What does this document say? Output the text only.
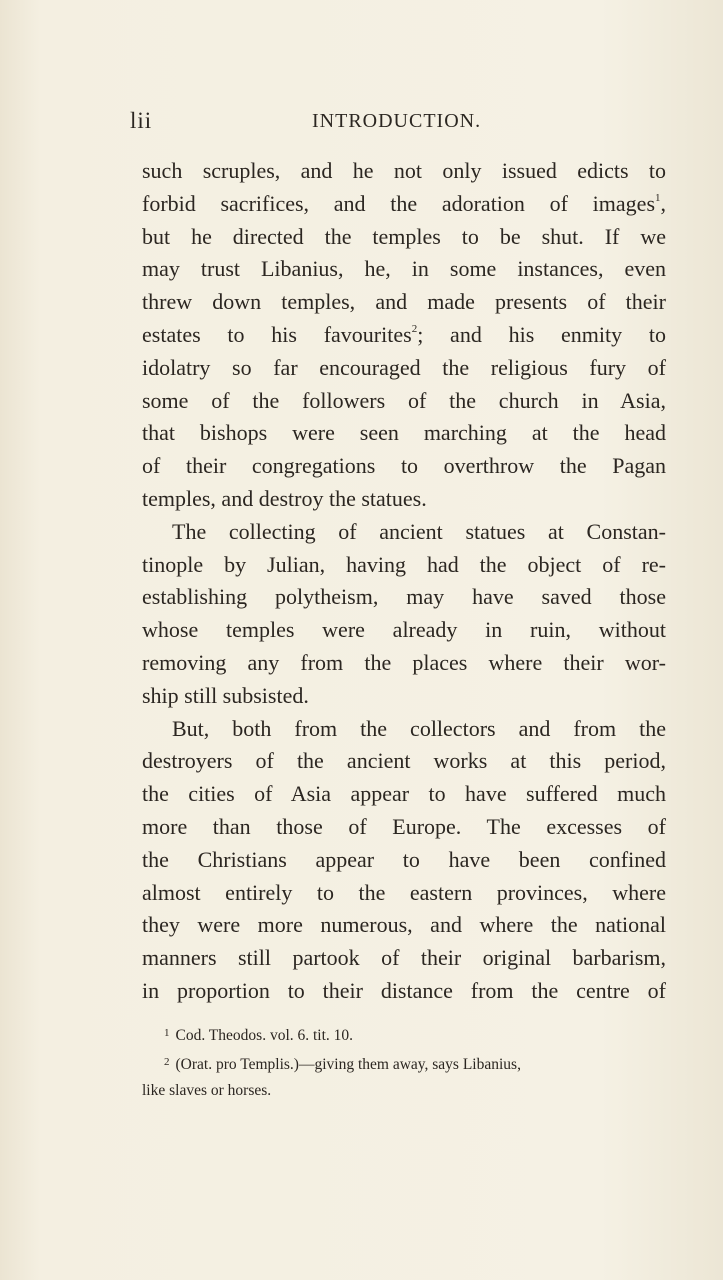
lii	INTRODUCTION.
such scruples, and he not only issued edicts to
forbid sacrifices, and the adoration of images$^1$,
but he directed the temples to be shut. If we
may trust Libanius, he, in some instances, even
threw down temples, and made presents of their
estates to his favourites$^2$; and his enmity to
idolatry so far encouraged the religious fury of
some of the followers of the church in Asia,
that bishops were seen marching at the head
of their congregations to overthrow the Pagan
temples, and destroy the statues.
The collecting of ancient statues at Constan-
tinople by Julian, having had the object of re-
establishing polytheism, may have saved those
whose temples were already in ruin, without
removing any from the places where their wor-
ship still subsisted.
But, both from the collectors and from the
destroyers of the ancient works at this period,
the cities of Asia appear to have suffered much
more than those of Europe. The excesses of
the Christians appear to have been confined
almost entirely to the eastern provinces, where
they were more numerous, and where the national
manners still partook of their original barbarism,
in proportion to their distance from the centre of
$^1$ Cod. Theodos. vol. 6. tit. 10.
$^2$ (Orat. pro Templis.)—giving them away, says Libanius,
like slaves or horses.
